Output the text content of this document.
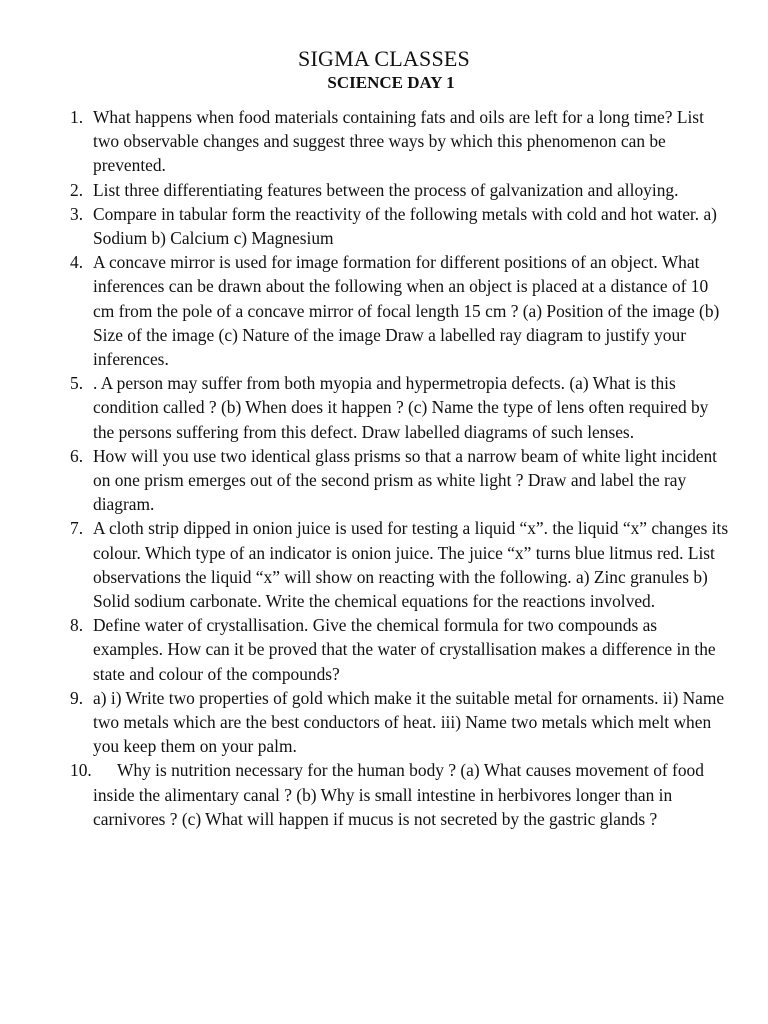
SIGMA CLASSES
SCIENCE DAY 1
1. What happens when food materials containing fats and oils are left for a long time? List two observable changes and suggest three ways by which this phenomenon can be prevented.
2. List three differentiating features between the process of galvanization and alloying.
3. Compare in tabular form the reactivity of the following metals with cold and hot water. a) Sodium b) Calcium c) Magnesium
4. A concave mirror is used for image formation for different positions of an object. What inferences can be drawn about the following when an object is placed at a distance of 10 cm from the pole of a concave mirror of focal length 15 cm ? (a) Position of the image (b) Size of the image (c) Nature of the image Draw a labelled ray diagram to justify your inferences.
5. . A person may suffer from both myopia and hypermetropia defects. (a) What is this condition called ? (b) When does it happen ? (c) Name the type of lens often required by the persons suffering from this defect. Draw labelled diagrams of such lenses.
6. How will you use two identical glass prisms so that a narrow beam of white light incident on one prism emerges out of the second prism as white light ? Draw and label the ray diagram.
7. A cloth strip dipped in onion juice is used for testing a liquid “x”. the liquid “x” changes its colour. Which type of an indicator is onion juice. The juice “x” turns blue litmus red. List observations the liquid “x” will show on reacting with the following. a) Zinc granules b) Solid sodium carbonate. Write the chemical equations for the reactions involved.
8. Define water of crystallisation. Give the chemical formula for two compounds as examples. How can it be proved that the water of crystallisation makes a difference in the state and colour of the compounds?
9. a) i) Write two properties of gold which make it the suitable metal for ornaments. ii) Name two metals which are the best conductors of heat. iii) Name two metals which melt when you keep them on your palm.
10. Why is nutrition necessary for the human body ? (a) What causes movement of food inside the alimentary canal ? (b) Why is small intestine in herbivores longer than in carnivores ? (c) What will happen if mucus is not secreted by the gastric glands ?
